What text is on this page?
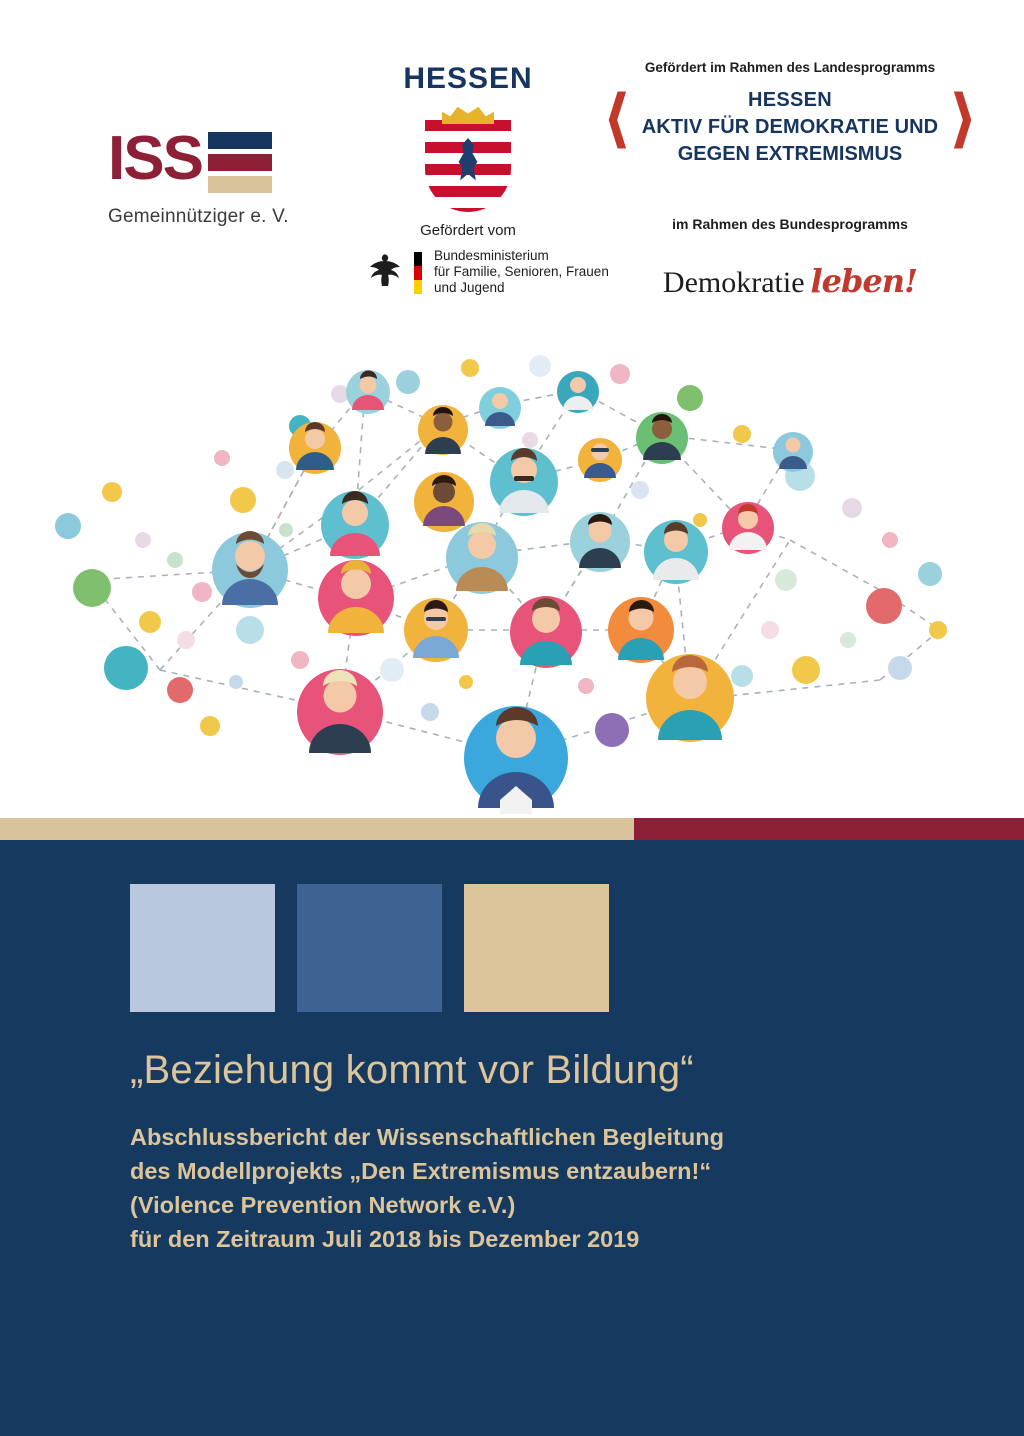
ISS
Gemeinnütziger e. V.
HESSEN
Gefördert vom
Bundesministerium
für Familie, Senioren, Frauen
und Jugend
Gefördert im Rahmen des Landesprogramms
⟨	⟩
HESSEN
AKTIV FÜR DEMOKRATIE UND
GEGEN EXTREMISMUS
im Rahmen des Bundesprogramms
Demokratie leben!
„Beziehung kommt vor Bildung“
Abschlussbericht der Wissenschaftlichen Begleitung
des Modellprojekts „Den Extremismus entzaubern!“
(Violence Prevention Network e.V.)
für den Zeitraum Juli 2018 bis Dezember 2019
